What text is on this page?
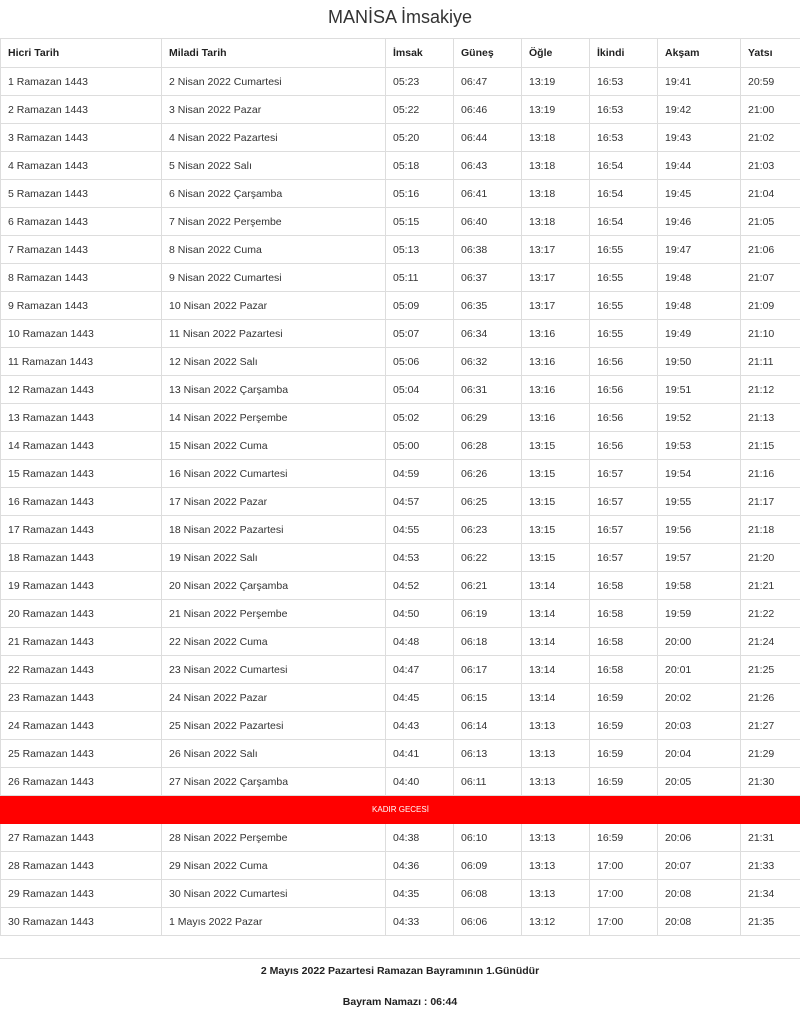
MANİSA İmsakiye
Hicri Tarih	Miladi Tarih	İmsak	Güneş	Öğle	İkindi	Akşam	Yatsı
1 Ramazan 1443	2 Nisan 2022 Cumartesi	05:23	06:47	13:19	16:53	19:41	20:59
2 Ramazan 1443	3 Nisan 2022 Pazar	05:22	06:46	13:19	16:53	19:42	21:00
3 Ramazan 1443	4 Nisan 2022 Pazartesi	05:20	06:44	13:18	16:53	19:43	21:02
4 Ramazan 1443	5 Nisan 2022 Salı	05:18	06:43	13:18	16:54	19:44	21:03
5 Ramazan 1443	6 Nisan 2022 Çarşamba	05:16	06:41	13:18	16:54	19:45	21:04
6 Ramazan 1443	7 Nisan 2022 Perşembe	05:15	06:40	13:18	16:54	19:46	21:05
7 Ramazan 1443	8 Nisan 2022 Cuma	05:13	06:38	13:17	16:55	19:47	21:06
8 Ramazan 1443	9 Nisan 2022 Cumartesi	05:11	06:37	13:17	16:55	19:48	21:07
9 Ramazan 1443	10 Nisan 2022 Pazar	05:09	06:35	13:17	16:55	19:48	21:09
10 Ramazan 1443	11 Nisan 2022 Pazartesi	05:07	06:34	13:16	16:55	19:49	21:10
11 Ramazan 1443	12 Nisan 2022 Salı	05:06	06:32	13:16	16:56	19:50	21:11
12 Ramazan 1443	13 Nisan 2022 Çarşamba	05:04	06:31	13:16	16:56	19:51	21:12
13 Ramazan 1443	14 Nisan 2022 Perşembe	05:02	06:29	13:16	16:56	19:52	21:13
14 Ramazan 1443	15 Nisan 2022 Cuma	05:00	06:28	13:15	16:56	19:53	21:15
15 Ramazan 1443	16 Nisan 2022 Cumartesi	04:59	06:26	13:15	16:57	19:54	21:16
16 Ramazan 1443	17 Nisan 2022 Pazar	04:57	06:25	13:15	16:57	19:55	21:17
17 Ramazan 1443	18 Nisan 2022 Pazartesi	04:55	06:23	13:15	16:57	19:56	21:18
18 Ramazan 1443	19 Nisan 2022 Salı	04:53	06:22	13:15	16:57	19:57	21:20
19 Ramazan 1443	20 Nisan 2022 Çarşamba	04:52	06:21	13:14	16:58	19:58	21:21
20 Ramazan 1443	21 Nisan 2022 Perşembe	04:50	06:19	13:14	16:58	19:59	21:22
21 Ramazan 1443	22 Nisan 2022 Cuma	04:48	06:18	13:14	16:58	20:00	21:24
22 Ramazan 1443	23 Nisan 2022 Cumartesi	04:47	06:17	13:14	16:58	20:01	21:25
23 Ramazan 1443	24 Nisan 2022 Pazar	04:45	06:15	13:14	16:59	20:02	21:26
24 Ramazan 1443	25 Nisan 2022 Pazartesi	04:43	06:14	13:13	16:59	20:03	21:27
25 Ramazan 1443	26 Nisan 2022 Salı	04:41	06:13	13:13	16:59	20:04	21:29
26 Ramazan 1443	27 Nisan 2022 Çarşamba	04:40	06:11	13:13	16:59	20:05	21:30
KADIR GECESİ							
27 Ramazan 1443	28 Nisan 2022 Perşembe	04:38	06:10	13:13	16:59	20:06	21:31
28 Ramazan 1443	29 Nisan 2022 Cuma	04:36	06:09	13:13	17:00	20:07	21:33
29 Ramazan 1443	30 Nisan 2022 Cumartesi	04:35	06:08	13:13	17:00	20:08	21:34
30 Ramazan 1443	1 Mayıs 2022 Pazar	04:33	06:06	13:12	17:00	20:08	21:35
2 Mayıs 2022 Pazartesi Ramazan Bayramının 1.Günüdür
Bayram Namazı : 06:44
